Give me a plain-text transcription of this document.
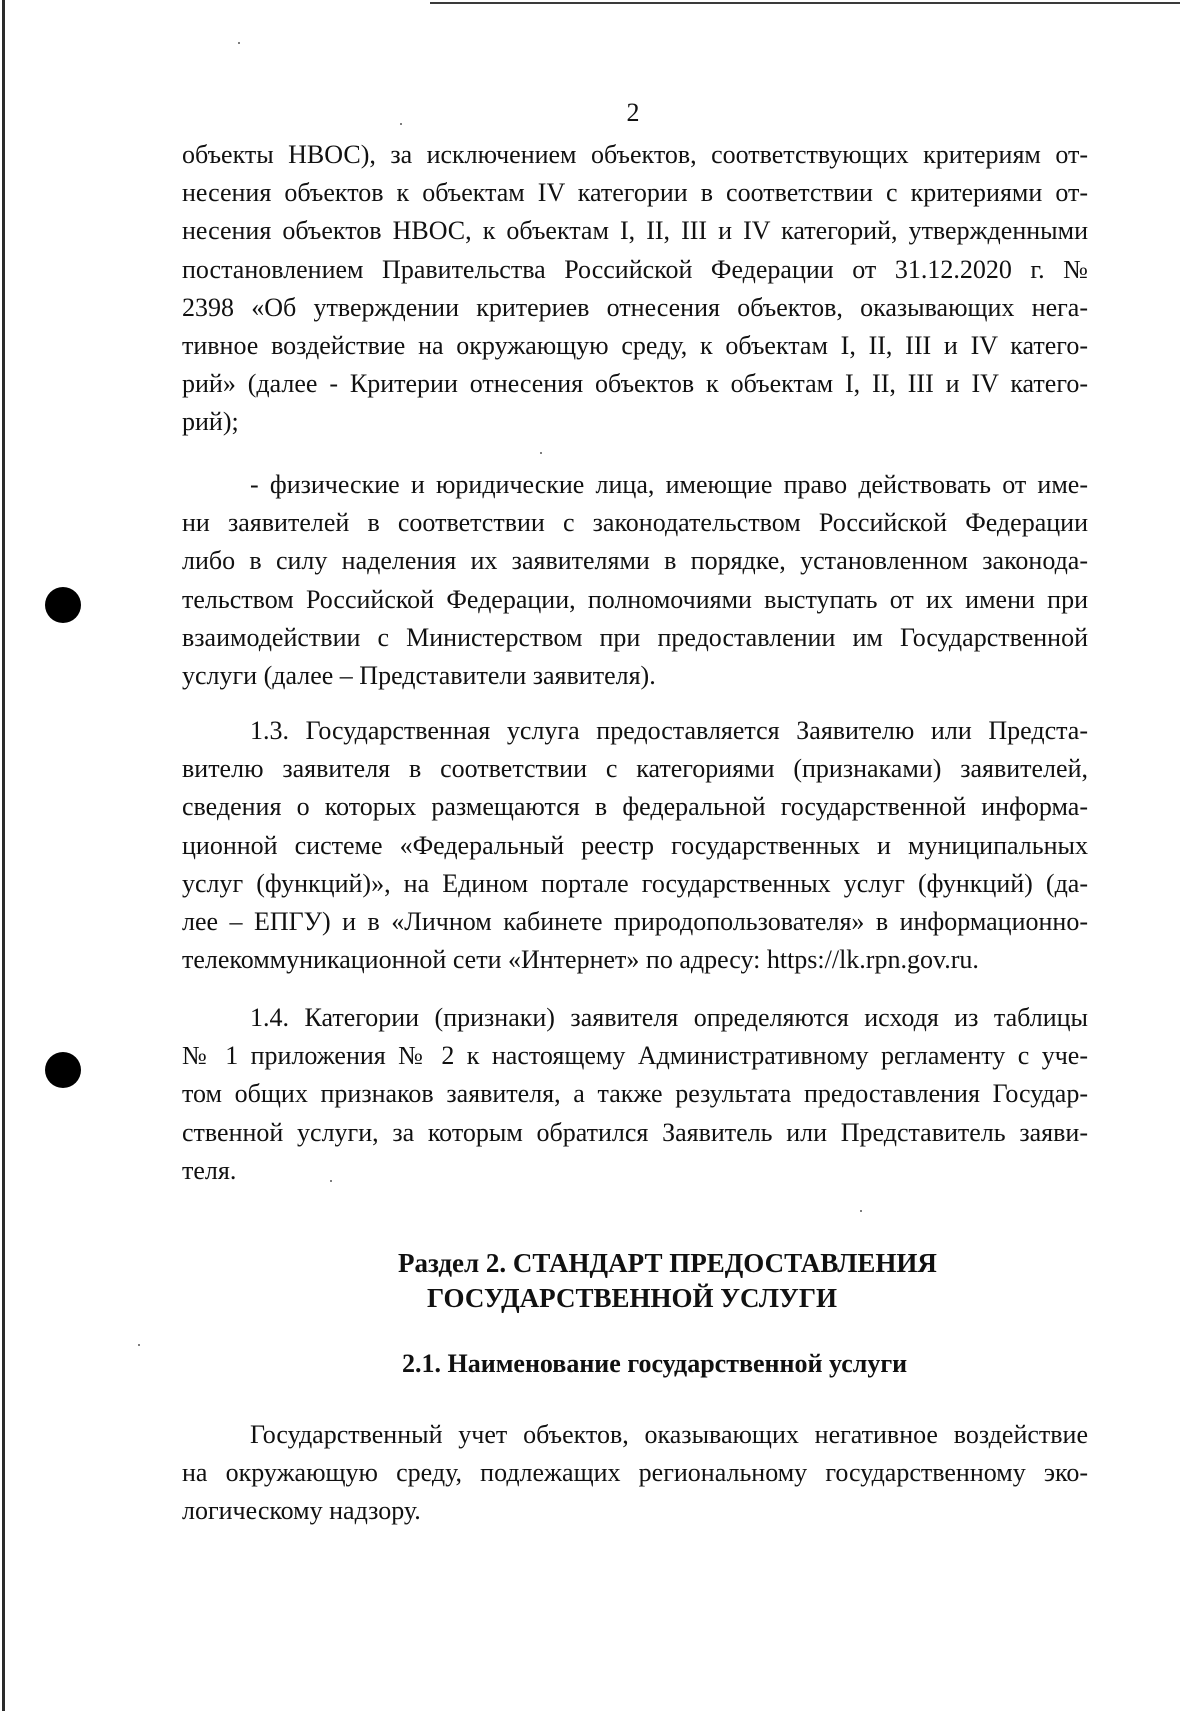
2
объекты НВОС), за исключением объектов, соответствующих критериям от-
несения объектов к объектам IV категории в соответствии с критериями от-
несения объектов НВОС, к объектам I, II, III и IV категорий, утвержденными
постановлением Правительства Российской Федерации от 31.12.2020 г. №
2398 «Об утверждении критериев отнесения объектов, оказывающих нега-
тивное воздействие на окружающую среду, к объектам I, II, III и IV катего-
рий» (далее - Критерии отнесения объектов к объектам I, II, III и IV катего-
рий);
- физические и юридические лица, имеющие право действовать от име-
ни заявителей в соответствии с законодательством Российской Федерации
либо в силу наделения их заявителями в порядке, установленном законода-
тельством Российской Федерации, полномочиями выступать от их имени при
взаимодействии с Министерством при предоставлении им Государственной
услуги (далее – Представители заявителя).
1.3. Государственная услуга предоставляется Заявителю или Предста-
вителю заявителя в соответствии с категориями (признаками) заявителей,
сведения о которых размещаются в федеральной государственной информа-
ционной системе «Федеральный реестр государственных и муниципальных
услуг (функций)», на Едином портале государственных услуг (функций) (да-
лее – ЕПГУ) и в «Личном кабинете природопользователя» в информационно-
телекоммуникационной сети «Интернет» по адресу: https://lk.rpn.gov.ru.
1.4. Категории (признаки) заявителя определяются исходя из таблицы
№ 1 приложения № 2 к настоящему Административному регламенту с уче-
том общих признаков заявителя, а также результата предоставления Государ-
ственной услуги, за которым обратился Заявитель или Представитель заяви-
теля.
Раздел 2. СТАНДАРТ ПРЕДОСТАВЛЕНИЯ
ГОСУДАРСТВЕННОЙ УСЛУГИ
2.1. Наименование государственной услуги
Государственный учет объектов, оказывающих негативное воздействие
на окружающую среду, подлежащих региональному государственному эко-
логическому надзору.
